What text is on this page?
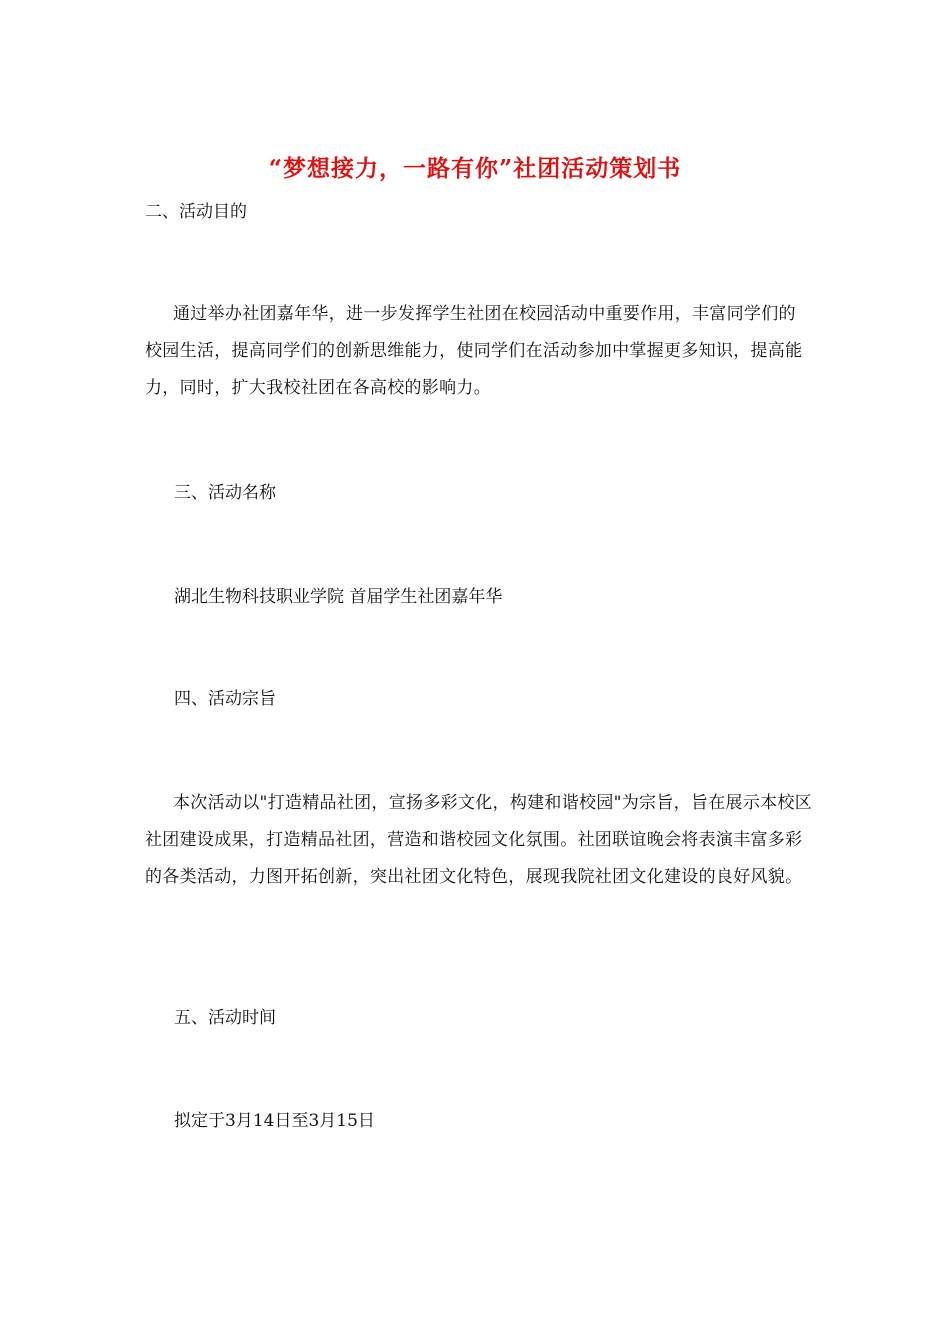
“梦想接力，一路有你”社团活动策划书
二、活动目的
通过举办社团嘉年华，进一步发挥学生社团在校园活动中重要作用，丰富同学们的校园生活，提高同学们的创新思维能力，使同学们在活动参加中掌握更多知识，提高能力，同时，扩大我校社团在各高校的影响力。
三、活动名称
湖北生物科技职业学院 首届学生社团嘉年华
四、活动宗旨
本次活动以"打造精品社团，宣扬多彩文化，构建和谐校园"为宗旨，旨在展示本校区社团建设成果，打造精品社团，营造和谐校园文化氛围。社团联谊晚会将表演丰富多彩的各类活动，力图开拓创新，突出社团文化特色，展现我院社团文化建设的良好风貌。
五、活动时间
拟定于3月14日至3月15日
